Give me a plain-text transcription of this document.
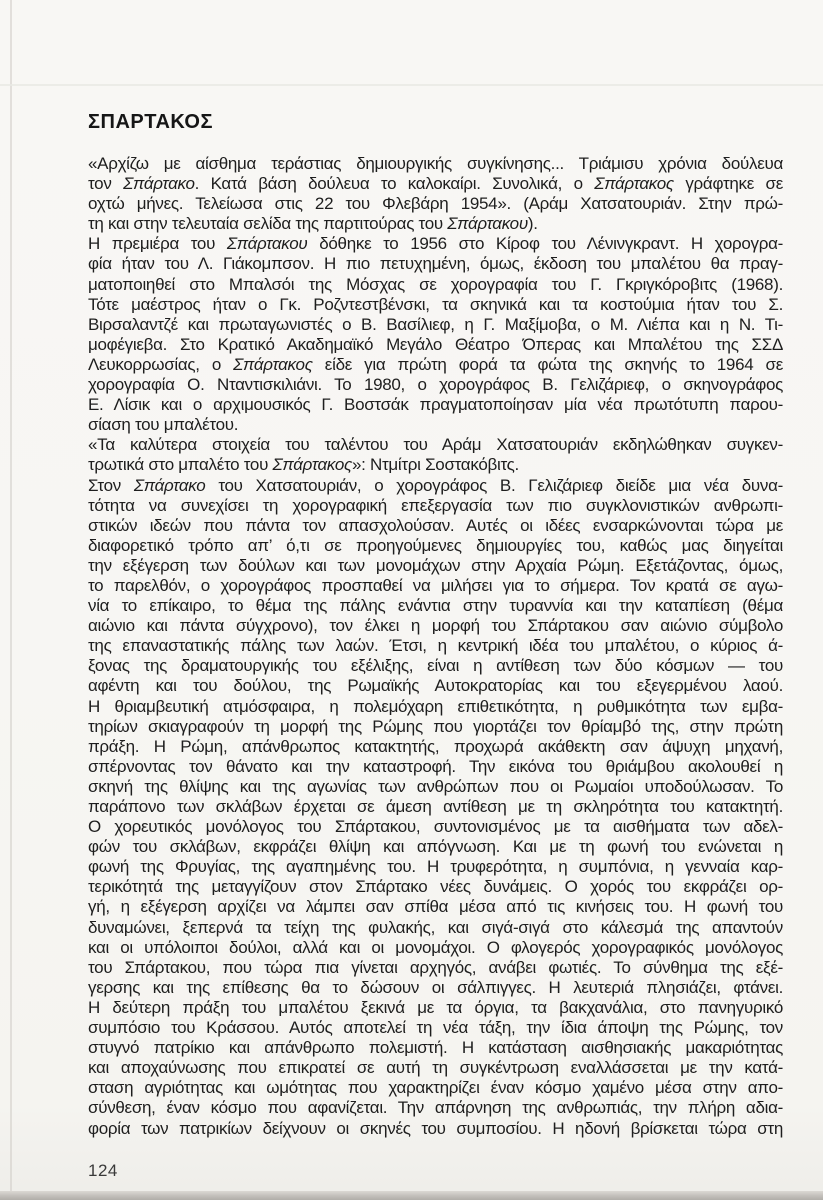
ΣΠΑΡΤΑΚΟΣ
«Αρχίζω με αίσθημα τεράστιας δημιουργικής συγκίνησης... Τριάμισυ χρόνια δούλευα
τον Σπάρτακο. Κατά βάση δούλευα το καλοκαίρι. Συνολικά, ο Σπάρτακος γράφτηκε σε
οχτώ μήνες. Τελείωσα στις 22 του Φλεβάρη 1954». (Αράμ Χατσατουριάν. Στην πρώ-
τη και στην τελευταία σελίδα της παρτιτούρας του Σπάρτακου).
Η πρεμιέρα του Σπάρτακου δόθηκε το 1956 στο Κίροφ του Λένινγκραντ. Η χορογρα-
φία ήταν του Λ. Γιάκομπσον. Η πιο πετυχημένη, όμως, έκδοση του μπαλέτου θα πραγ-
ματοποιηθεί στο Μπαλσόι της Μόσχας σε χορογραφία του Γ. Γκριγκόροβιτς (1968).
Τότε μαέστρος ήταν ο Γκ. Ροζντεστβένσκι, τα σκηνικά και τα κοστούμια ήταν του Σ.
Βιρσαλαντζέ και πρωταγωνιστές ο Β. Βασίλιεφ, η Γ. Μαξίμοβα, ο Μ. Λιέπα και η Ν. Τι-
μοφέγιεβα. Στο Κρατικό Ακαδημαϊκό Μεγάλο Θέατρο Όπερας και Μπαλέτου της ΣΣΔ
Λευκορρωσίας, ο Σπάρτακος είδε για πρώτη φορά τα φώτα της σκηνής το 1964 σε
χορογραφία Ο. Νταντισκιλιάνι. Το 1980, ο χορογράφος Β. Γελιζάριεφ, ο σκηνογράφος
Ε. Λίσικ και ο αρχιμουσικός Γ. Βοστσάκ πραγματοποίησαν μία νέα πρωτότυπη παρου-
σίαση του μπαλέτου.
«Τα καλύτερα στοιχεία του ταλέντου του Αράμ Χατσατουριάν εκδηλώθηκαν συγκεν-
τρωτικά στο μπαλέτο του Σπάρτακος»: Ντμίτρι Σοστακόβιτς.
Στον Σπάρτακο του Χατσατουριάν, ο χορογράφος Β. Γελιζάριεφ διείδε μια νέα δυνα-
τότητα να συνεχίσει τη χορογραφική επεξεργασία των πιο συγκλονιστικών ανθρωπι-
στικών ιδεών που πάντα τον απασχολούσαν. Αυτές οι ιδέες ενσαρκώνονται τώρα με
διαφορετικό τρόπο απ’ ό,τι σε προηγούμενες δημιουργίες του, καθώς μας διηγείται
την εξέγερση των δούλων και των μονομάχων στην Αρχαία Ρώμη. Εξετάζοντας, όμως,
το παρελθόν, ο χορογράφος προσπαθεί να μιλήσει για το σήμερα. Τον κρατά σε αγω-
νία το επίκαιρο, το θέμα της πάλης ενάντια στην τυραννία και την καταπίεση (θέμα
αιώνιο και πάντα σύγχρονο), τον έλκει η μορφή του Σπάρτακου σαν αιώνιο σύμβολο
της επαναστατικής πάλης των λαών. Έτσι, η κεντρική ιδέα του μπαλέτου, ο κύριος ά-
ξονας της δραματουργικής του εξέλιξης, είναι η αντίθεση των δύο κόσμων — του
αφέντη και του δούλου, της Ρωμαϊκής Αυτοκρατορίας και του εξεγερμένου λαού.
Η θριαμβευτική ατμόσφαιρα, η πολεμόχαρη επιθετικότητα, η ρυθμικότητα των εμβα-
τηρίων σκιαγραφούν τη μορφή της Ρώμης που γιορτάζει τον θρίαμβό της, στην πρώτη
πράξη. Η Ρώμη, απάνθρωπος κατακτητής, προχωρά ακάθεκτη σαν άψυχη μηχανή,
σπέρνοντας τον θάνατο και την καταστροφή. Την εικόνα του θριάμβου ακολουθεί η
σκηνή της θλίψης και της αγωνίας των ανθρώπων που οι Ρωμαίοι υποδούλωσαν. Το
παράπονο των σκλάβων έρχεται σε άμεση αντίθεση με τη σκληρότητα του κατακτητή.
Ο χορευτικός μονόλογος του Σπάρτακου, συντονισμένος με τα αισθήματα των αδελ-
φών του σκλάβων, εκφράζει θλίψη και απόγνωση. Και με τη φωνή του ενώνεται η
φωνή της Φρυγίας, της αγαπημένης του. Η τρυφερότητα, η συμπόνια, η γενναία καρ-
τερικότητά της μεταγγίζουν στον Σπάρτακο νέες δυνάμεις. Ο χορός του εκφράζει ορ-
γή, η εξέγερση αρχίζει να λάμπει σαν σπίθα μέσα από τις κινήσεις του. Η φωνή του
δυναμώνει, ξεπερνά τα τείχη της φυλακής, και σιγά-σιγά στο κάλεσμά της απαντούν
και οι υπόλοιποι δούλοι, αλλά και οι μονομάχοι. Ο φλογερός χορογραφικός μονόλογος
του Σπάρτακου, που τώρα πια γίνεται αρχηγός, ανάβει φωτιές. Το σύνθημα της εξέ-
γερσης και της επίθεσης θα το δώσουν οι σάλπιγγες. Η λευτεριά πλησιάζει, φτάνει.
Η δεύτερη πράξη του μπαλέτου ξεκινά με τα όργια, τα βακχανάλια, στο πανηγυρικό
συμπόσιο του Κράσσου. Αυτός αποτελεί τη νέα τάξη, την ίδια άποψη της Ρώμης, τον
στυγνό πατρίκιο και απάνθρωπο πολεμιστή. Η κατάσταση αισθησιακής μακαριότητας
και αποχαύνωσης που επικρατεί σε αυτή τη συγκέντρωση εναλλάσσεται με την κατά-
σταση αγριότητας και ωμότητας που χαρακτηρίζει έναν κόσμο χαμένο μέσα στην απο-
σύνθεση, έναν κόσμο που αφανίζεται. Την απάρνηση της ανθρωπιάς, την πλήρη αδια-
φορία των πατρικίων δείχνουν οι σκηνές του συμποσίου. Η ηδονή βρίσκεται τώρα στη
124
